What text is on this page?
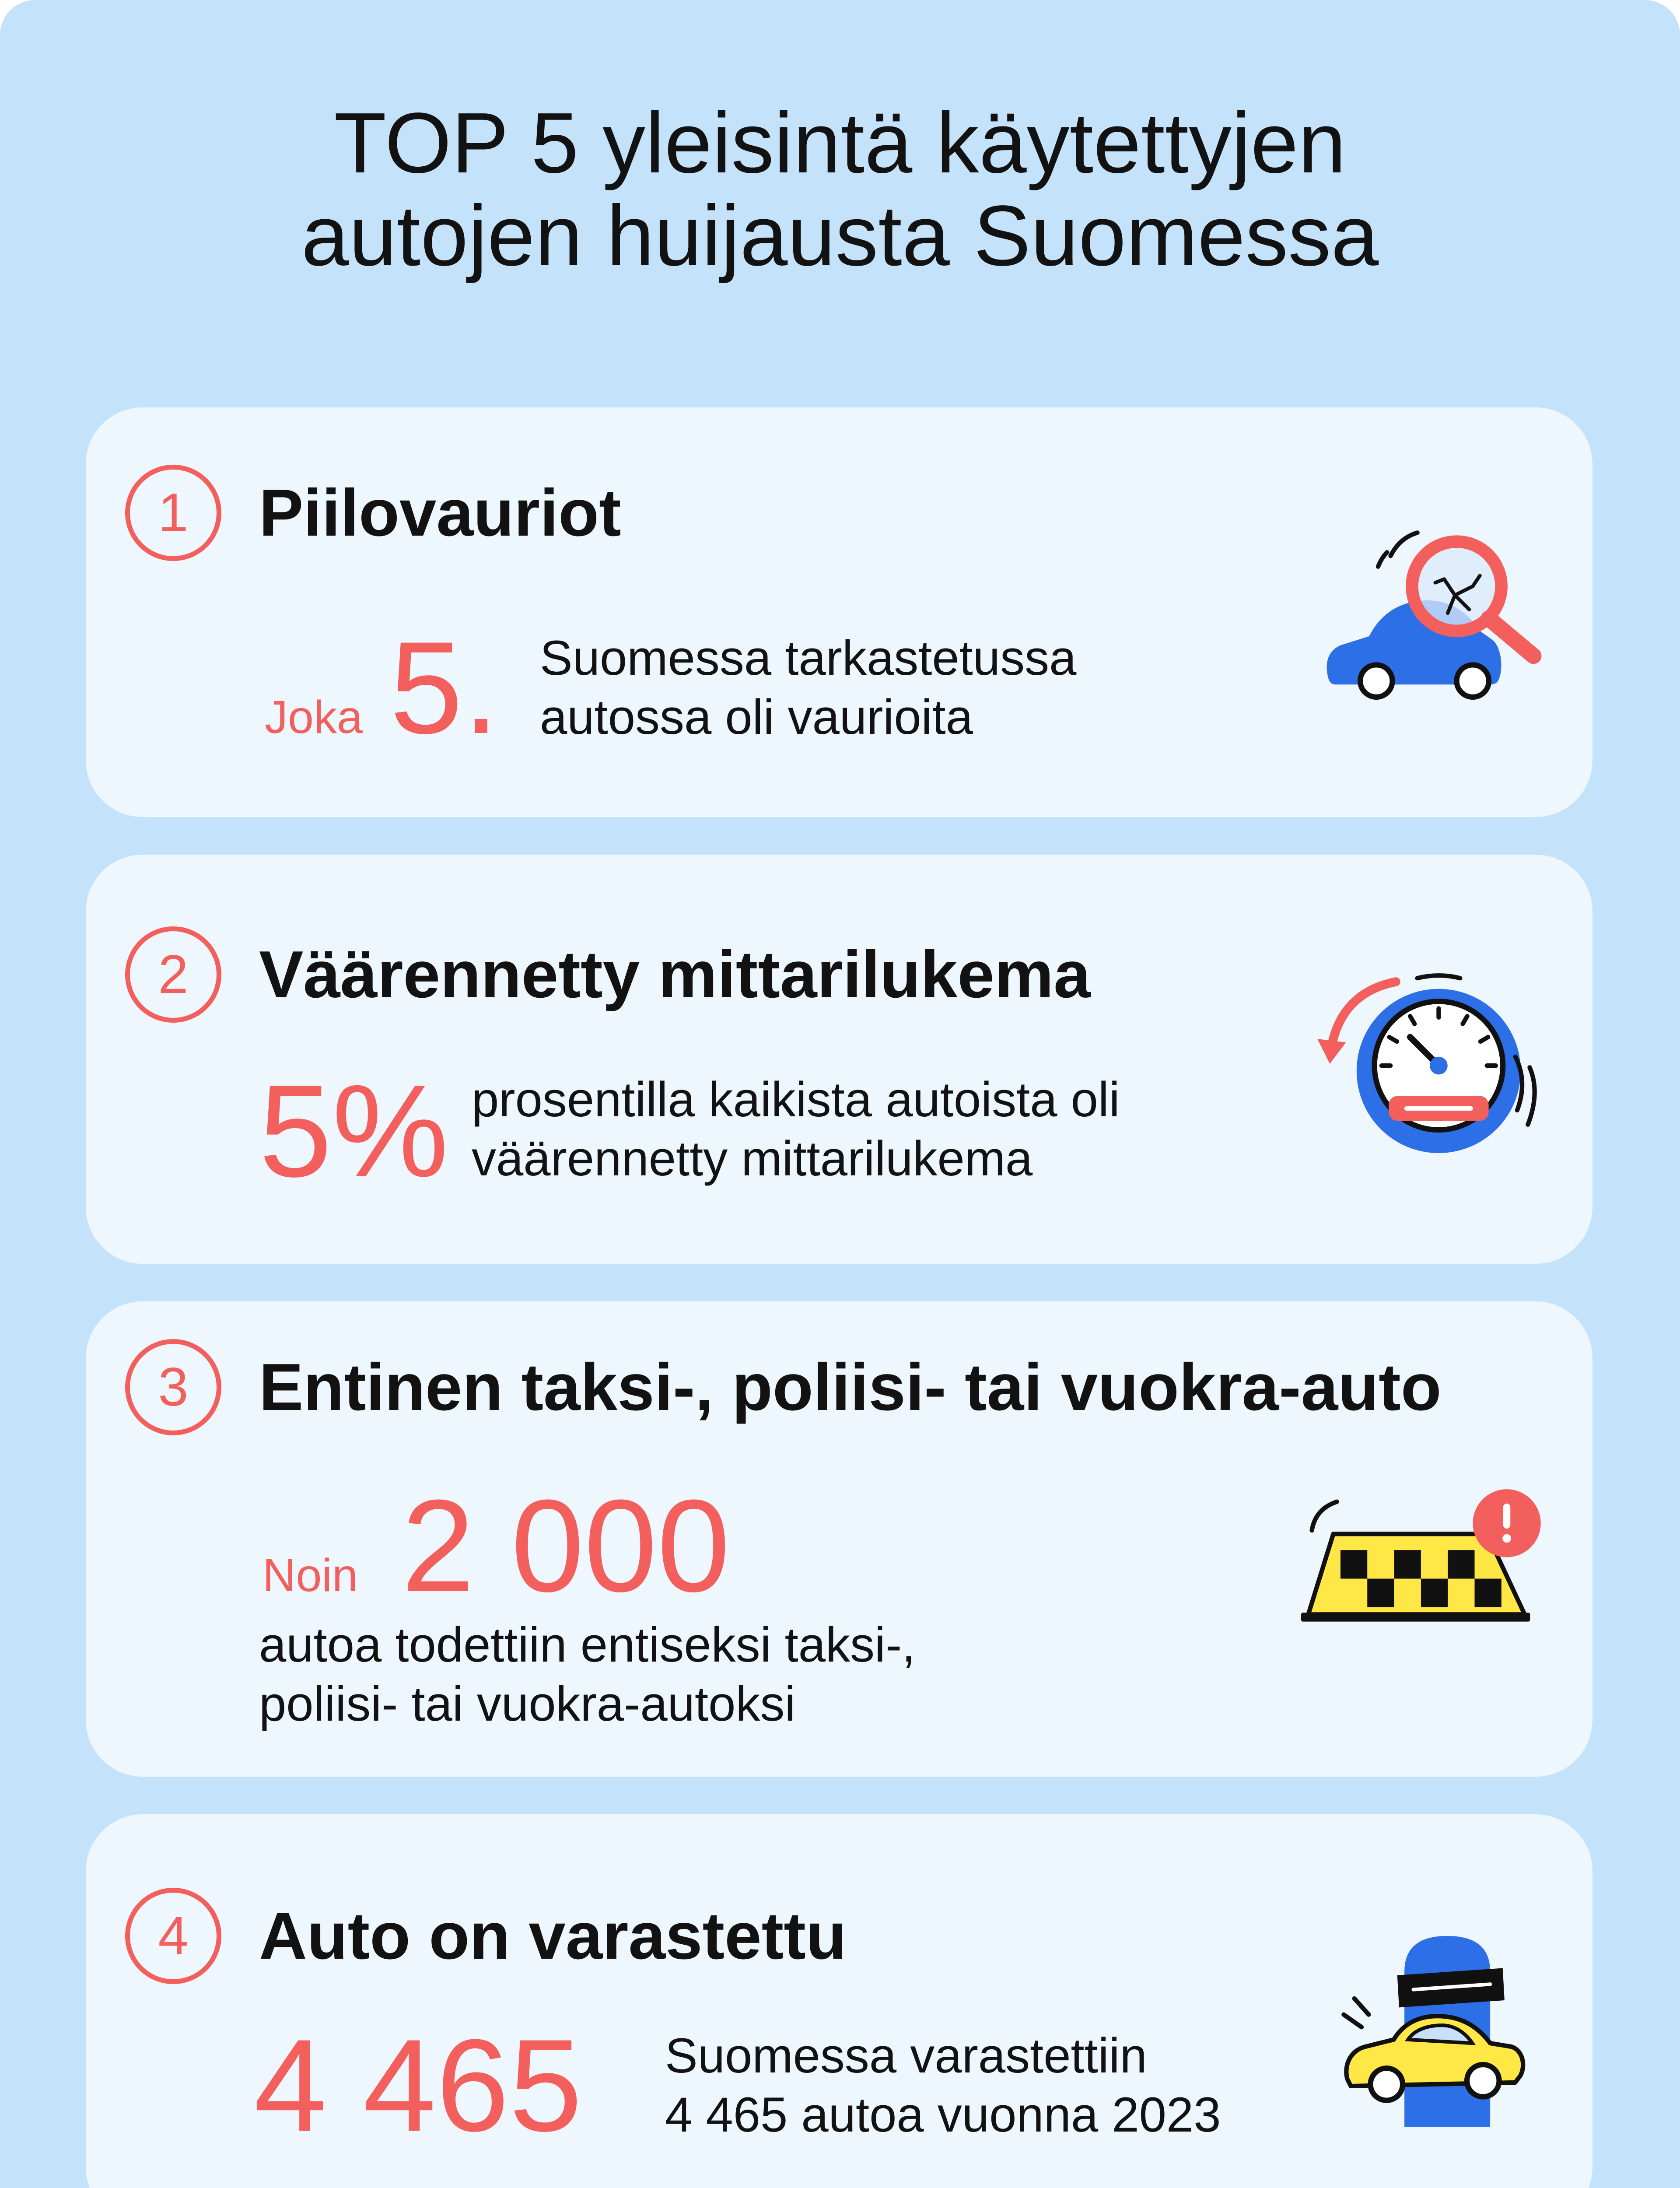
TOP 5 yleisintä käytettyjen
autojen huijausta Suomessa
1	Piilovauriot
Joka 5. Suomessa tarkastetussa
autossa oli vaurioita
2	Väärennetty mittarilukema
5% prosentilla kaikista autoista oli
väärennetty mittarilukema
3	Entinen taksi-, poliisi- tai vuokra-auto
Noin 2 000
autoa todettiin entiseksi taksi-,
poliisi- tai vuokra-autoksi
4	Auto on varastettu
4 465 Suomessa varastettiin
4 465 autoa vuonna 2023
